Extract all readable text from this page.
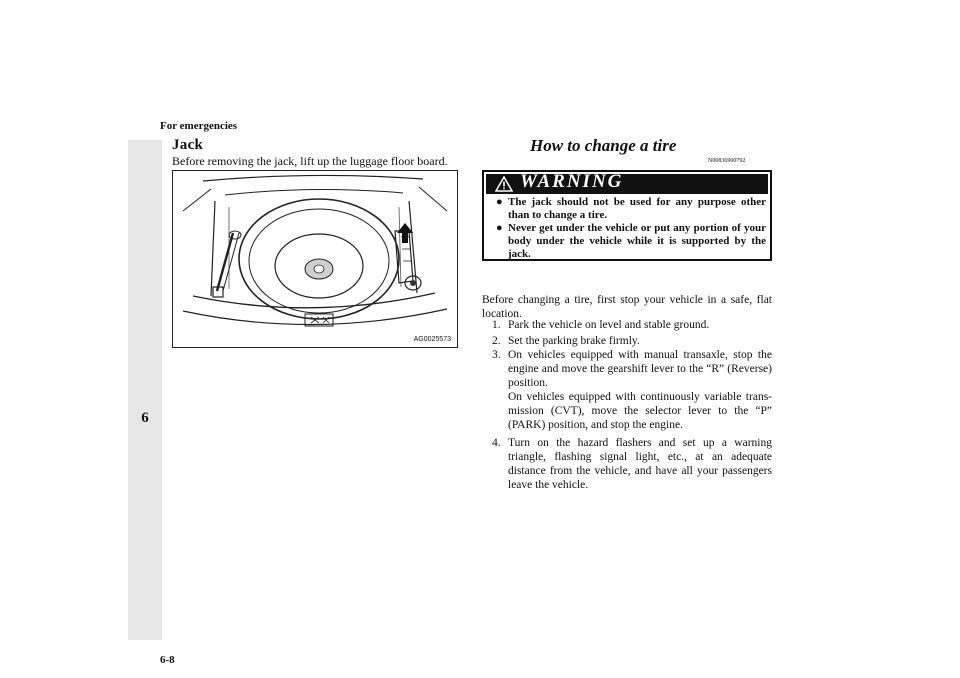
For emergencies
6
Jack
Before removing the jack, lift up the luggage floor board.
AG0025573
How to change a tire
N00836900792
WARNING
● The jack should not be used for any purpose other than to change a tire.
● Never get under the vehicle or put any portion of your body under the vehicle while it is supported by the jack.
Before changing a tire, first stop your vehicle in a safe, flat location.
1. Park the vehicle on level and stable ground.
2. Set the parking brake firmly.
3. On vehicles equipped with manual transaxle, stop the engine and move the gearshift lever to the “R” (Reverse) position.
On vehicles equipped with continuously variable trans-mission (CVT), move the selector lever to the “P” (PARK) position, and stop the engine.
4. Turn on the hazard flashers and set up a warning triangle, flashing signal light, etc., at an adequate distance from the vehicle, and have all your passengers leave the vehicle.
6-8
